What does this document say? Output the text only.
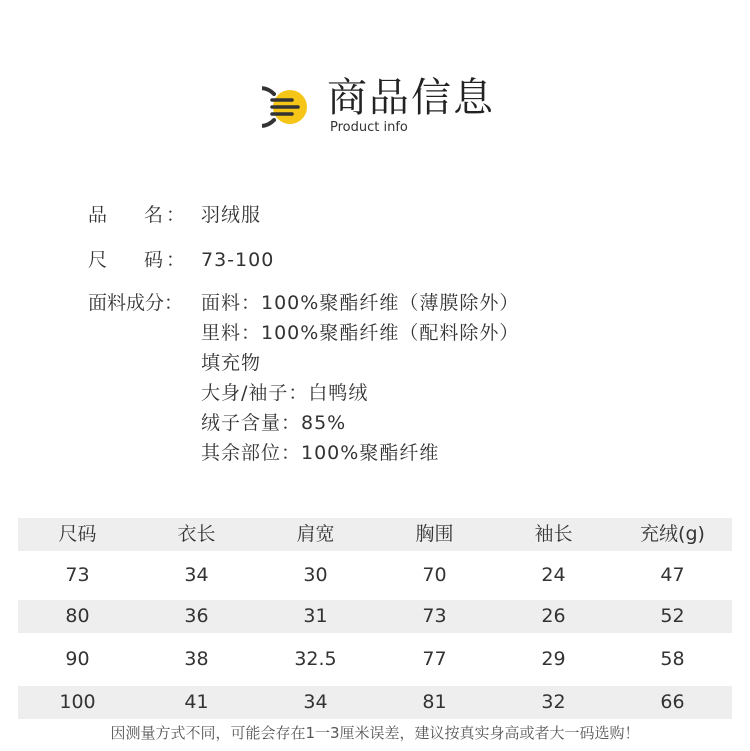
商品信息
Product info
品 名 ： 羽绒服
尺 码 ： 73-100
面料成分： 面料：100%聚酯纤维（薄膜除外）
里料：100%聚酯纤维（配料除外）
填充物
大身/袖子：白鸭绒
绒子含量：85%
其余部位：100%聚酯纤维
尺码	衣长	肩宽	胸围	袖长	充绒(g)
73	34	30	70	24	47
80	36	31	73	26	52
90	38	32.5	77	29	58
100	41	34	81	32	66
因测量方式不同，可能会存在1一3厘米误差，建议按真实身高或者大一码选购！
